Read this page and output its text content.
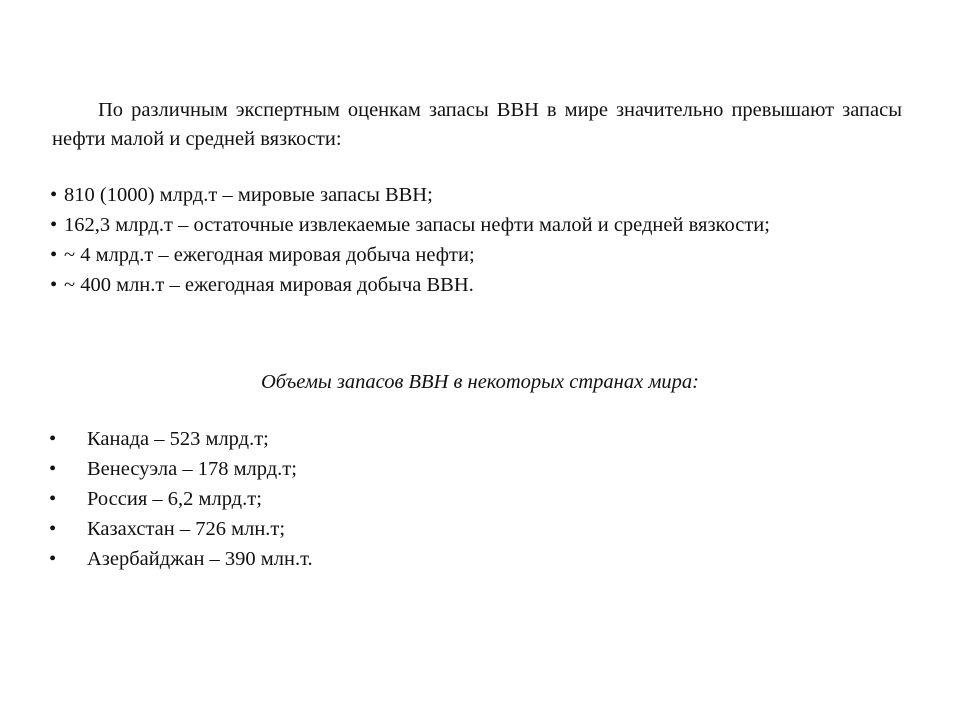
По различным экспертным оценкам запасы ВВН в мире значительно превышают запасы нефти малой и средней вязкости:

• 810 (1000) млрд.т – мировые запасы ВВН;
• 162,3 млрд.т – остаточные извлекаемые запасы нефти малой и средней вязкости;
• ~ 4 млрд.т – ежегодная мировая добыча нефти;
• ~ 400 млн.т – ежегодная мировая добыча ВВН.

Объемы запасов ВВН в некоторых странах мира:

•	Канада – 523 млрд.т;
•	Венесуэла – 178 млрд.т;
•	Россия – 6,2 млрд.т;
•	Казахстан – 726 млн.т;
•	Азербайджан – 390 млн.т.
